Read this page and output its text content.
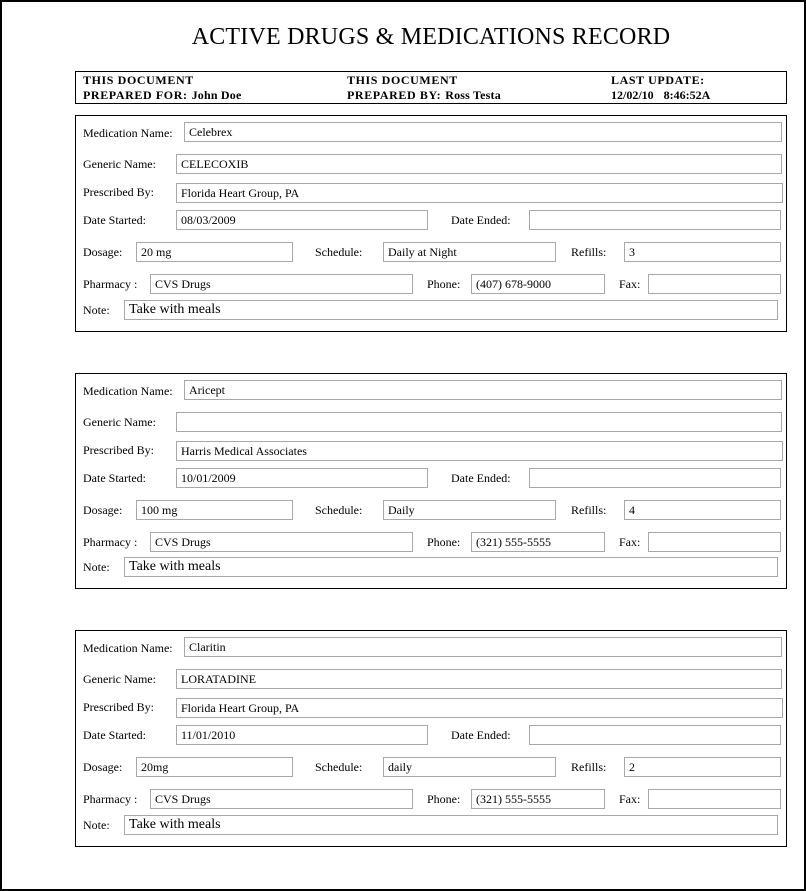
ACTIVE DRUGS & MEDICATIONS RECORD
THIS DOCUMENT
PREPARED FOR: John Doe
THIS DOCUMENT
PREPARED BY: Ross Testa
LAST UPDATE:
12/02/10 8:46:52A
Medication Name:	Celebrex
Generic Name:	CELECOXIB
Prescribed By:	Florida Heart Group, PA
Date Started:	08/03/2009	Date Ended:
Dosage:	20 mg	Schedule:	Daily at Night	Refills:	3
Pharmacy :	CVS Drugs	Phone:	(407) 678-9000	Fax:
Note:	Take with meals
Medication Name:	Aricept
Generic Name:
Prescribed By:	Harris Medical Associates
Date Started:	10/01/2009	Date Ended:
Dosage:	100 mg	Schedule:	Daily	Refills:	4
Pharmacy :	CVS Drugs	Phone:	(321) 555-5555	Fax:
Note:	Take with meals
Medication Name:	Claritin
Generic Name:	LORATADINE
Prescribed By:	Florida Heart Group, PA
Date Started:	11/01/2010	Date Ended:
Dosage:	20mg	Schedule:	daily	Refills:	2
Pharmacy :	CVS Drugs	Phone:	(321) 555-5555	Fax:
Note:	Take with meals
